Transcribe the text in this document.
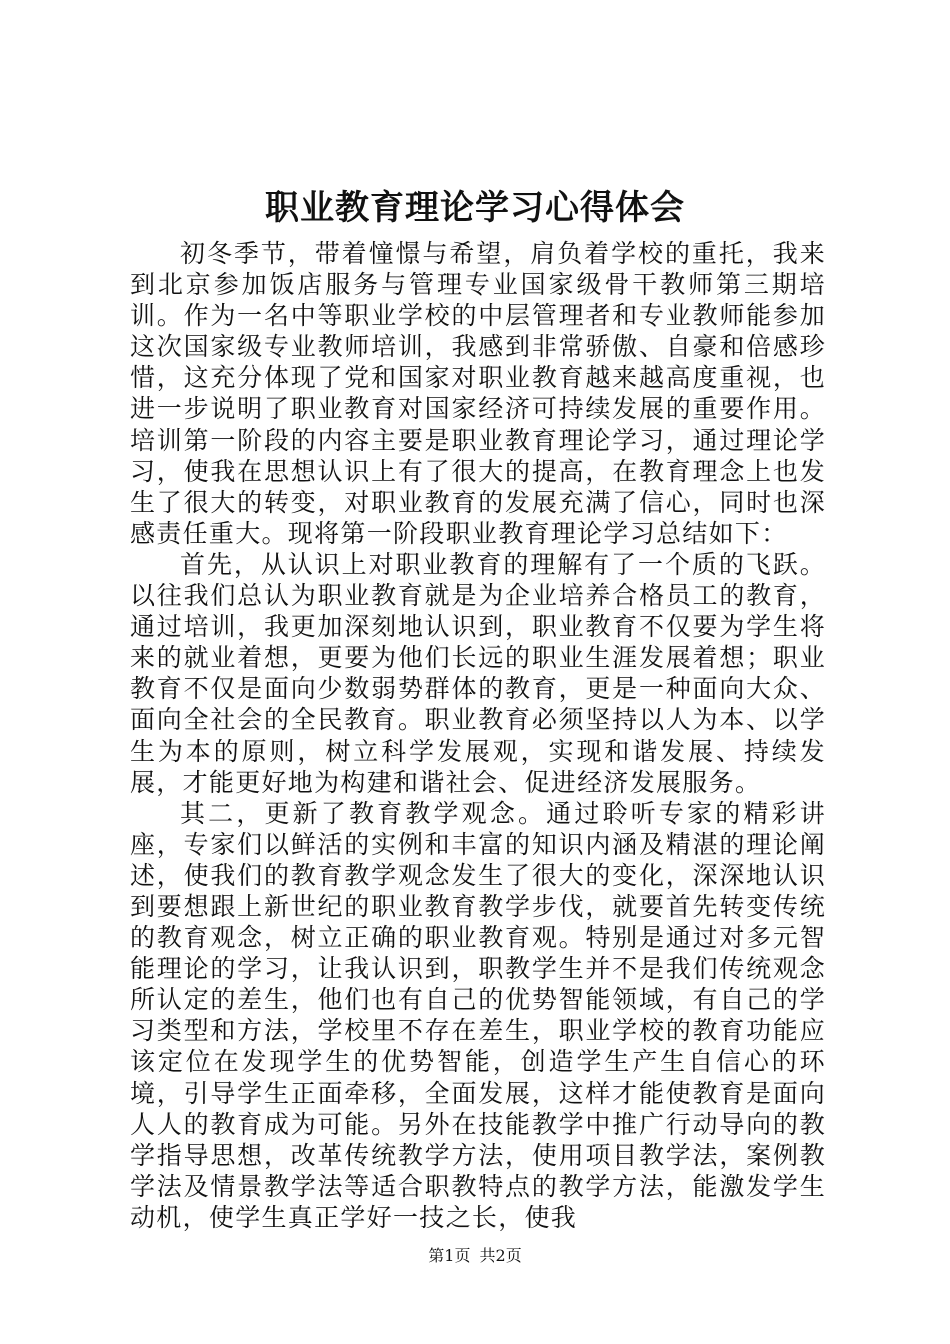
职业教育理论学习心得体会

初冬季节，带着憧憬与希望，肩负着学校的重托，我来到北京参加饭店服务与管理专业国家级骨干教师第三期培训。作为一名中等职业学校的中层管理者和专业教师能参加这次国家级专业教师培训，我感到非常骄傲、自豪和倍感珍惜，这充分体现了党和国家对职业教育越来越高度重视，也进一步说明了职业教育对国家经济可持续发展的重要作用。培训第一阶段的内容主要是职业教育理论学习，通过理论学习，使我在思想认识上有了很大的提高，在教育理念上也发生了很大的转变，对职业教育的发展充满了信心，同时也深感责任重大。现将第一阶段职业教育理论学习总结如下：

首先，从认识上对职业教育的理解有了一个质的飞跃。以往我们总认为职业教育就是为企业培养合格员工的教育，通过培训，我更加深刻地认识到，职业教育不仅要为学生将来的就业着想，更要为他们长远的职业生涯发展着想；职业教育不仅是面向少数弱势群体的教育，更是一种面向大众、面向全社会的全民教育。职业教育必须坚持以人为本、以学生为本的原则，树立科学发展观，实现和谐发展、持续发展，才能更好地为构建和谐社会、促进经济发展服务。

其二，更新了教育教学观念。通过聆听专家的精彩讲座，专家们以鲜活的实例和丰富的知识内涵及精湛的理论阐述，使我们的教育教学观念发生了很大的变化，深深地认识到要想跟上新世纪的职业教育教学步伐，就要首先转变传统的教育观念，树立正确的职业教育观。特别是通过对多元智能理论的学习，让我认识到，职教学生并不是我们传统观念所认定的差生，他们也有自己的优势智能领域，有自己的学习类型和方法，学校里不存在差生，职业学校的教育功能应该定位在发现学生的优势智能，创造学生产生自信心的环境，引导学生正面牵移，全面发展，这样才能使教育是面向人人的教育成为可能。另外在技能教学中推广行动导向的教学指导思想，改革传统教学方法，使用项目教学法，案例教学法及情景教学法等适合职教特点的教学方法，能激发学生动机，使学生真正学好一技之长，使我

第1页 共2页
